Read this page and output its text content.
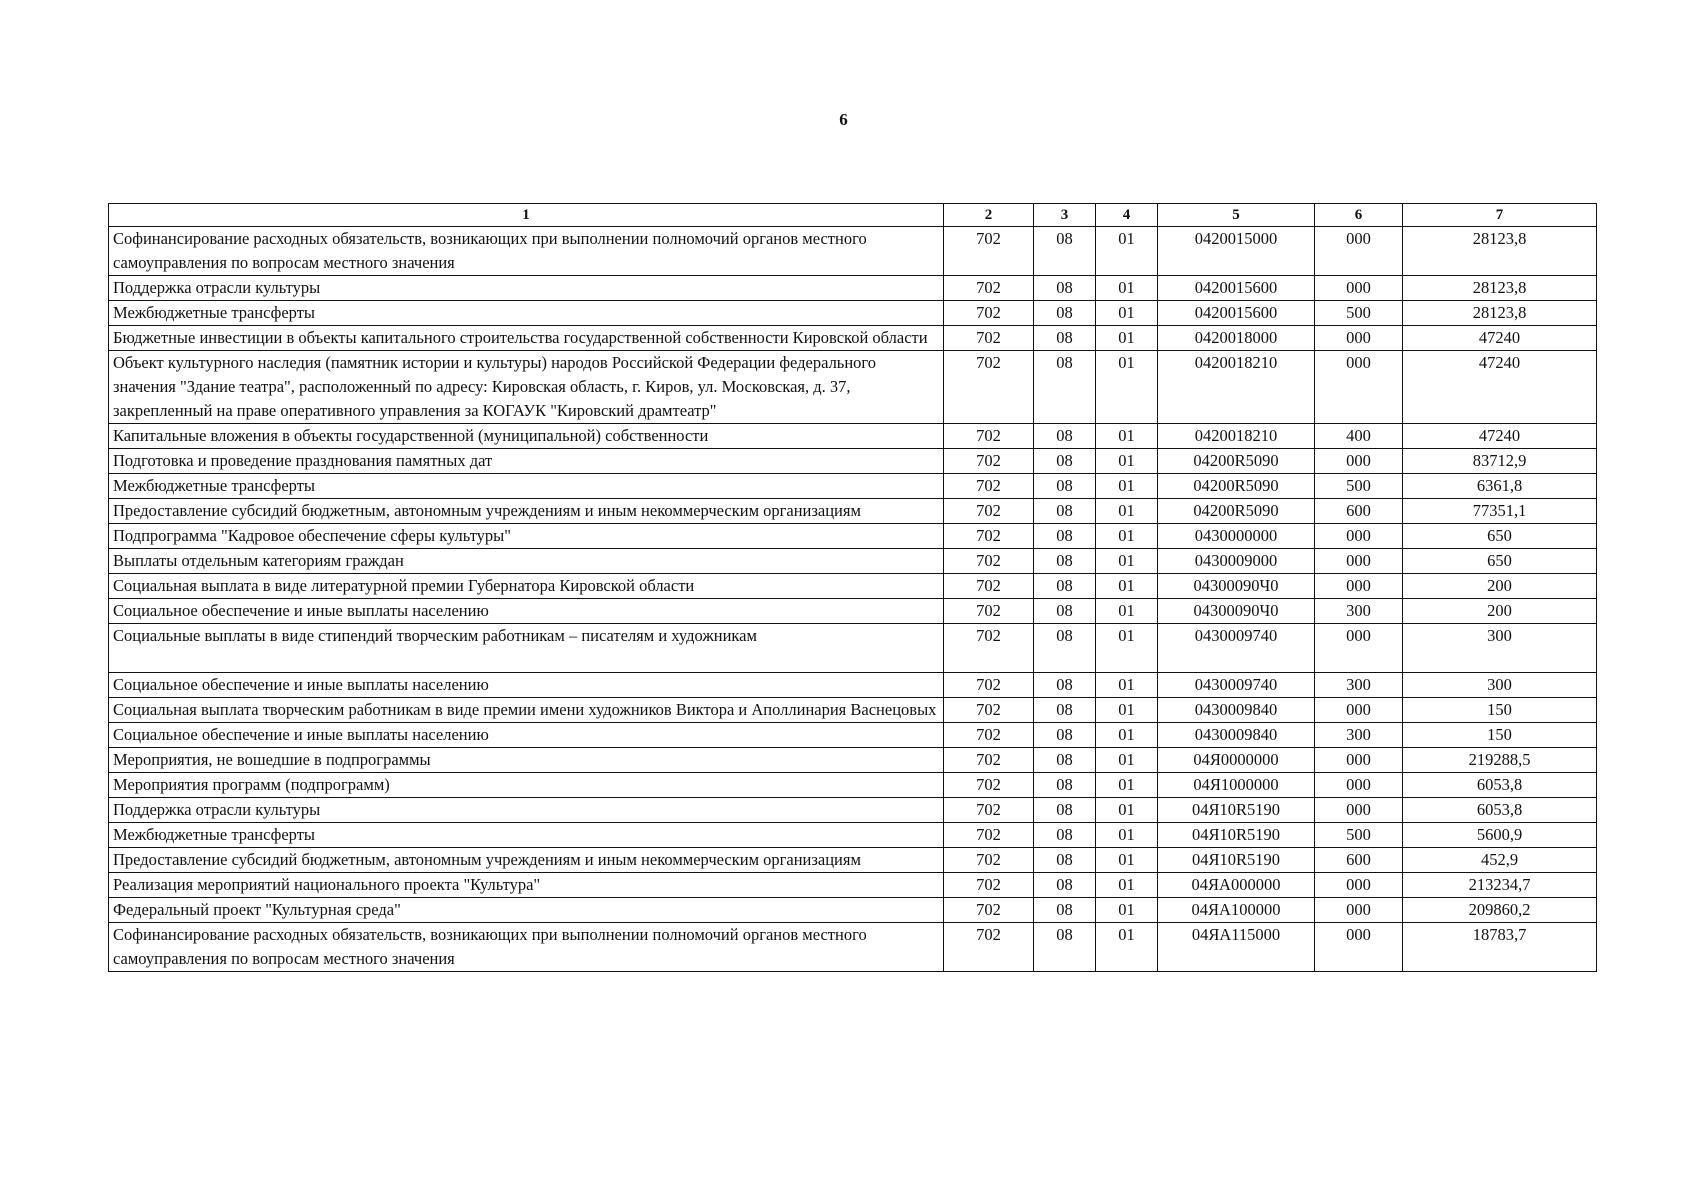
6
1	2	3	4	5	6	7
Софинансирование расходных обязательств, возникающих при выполнении полномочий органов местного самоуправления по вопросам местного значения	702	08	01	0420015000	000	28123,8
Поддержка отрасли культуры	702	08	01	0420015600	000	28123,8
Межбюджетные трансферты	702	08	01	0420015600	500	28123,8
Бюджетные инвестиции в объекты капитального строительства государственной собственности Кировской области	702	08	01	0420018000	000	47240
Объект культурного наследия (памятник истории и культуры) народов Российской Федерации федерального значения "Здание театра", расположенный по адресу: Кировская область, г. Киров, ул. Московская, д. 37, закрепленный на праве оперативного управления за КОГАУК "Кировский драмтеатр"	702	08	01	0420018210	000	47240
Капитальные вложения в объекты государственной (муниципальной) собственности	702	08	01	0420018210	400	47240
Подготовка и проведение празднования памятных дат	702	08	01	04200R5090	000	83712,9
Межбюджетные трансферты	702	08	01	04200R5090	500	6361,8
Предоставление субсидий бюджетным, автономным учреждениям и иным некоммерческим организациям	702	08	01	04200R5090	600	77351,1
Подпрограмма "Кадровое обеспечение сферы культуры"	702	08	01	0430000000	000	650
Выплаты отдельным категориям граждан	702	08	01	0430009000	000	650
Социальная выплата в виде литературной премии Губернатора Кировской области	702	08	01	04300090Ч0	000	200
Социальное обеспечение и иные выплаты населению	702	08	01	04300090Ч0	300	200
Социальные выплаты в виде стипендий творческим работникам – писателям и художникам	702	08	01	0430009740	000	300
Социальное обеспечение и иные выплаты населению	702	08	01	0430009740	300	300
Социальная выплата творческим работникам в виде премии имени художников Виктора и Аполлинария Васнецовых	702	08	01	0430009840	000	150
Социальное обеспечение и иные выплаты населению	702	08	01	0430009840	300	150
Мероприятия, не вошедшие в подпрограммы	702	08	01	04Я0000000	000	219288,5
Мероприятия программ (подпрограмм)	702	08	01	04Я1000000	000	6053,8
Поддержка отрасли культуры	702	08	01	04Я10R5190	000	6053,8
Межбюджетные трансферты	702	08	01	04Я10R5190	500	5600,9
Предоставление субсидий бюджетным, автономным учреждениям и иным некоммерческим организациям	702	08	01	04Я10R5190	600	452,9
Реализация мероприятий национального проекта "Культура"	702	08	01	04ЯА000000	000	213234,7
Федеральный проект "Культурная среда"	702	08	01	04ЯА100000	000	209860,2
Софинансирование расходных обязательств, возникающих при выполнении полномочий органов местного самоуправления по вопросам местного значения	702	08	01	04ЯА115000	000	18783,7
